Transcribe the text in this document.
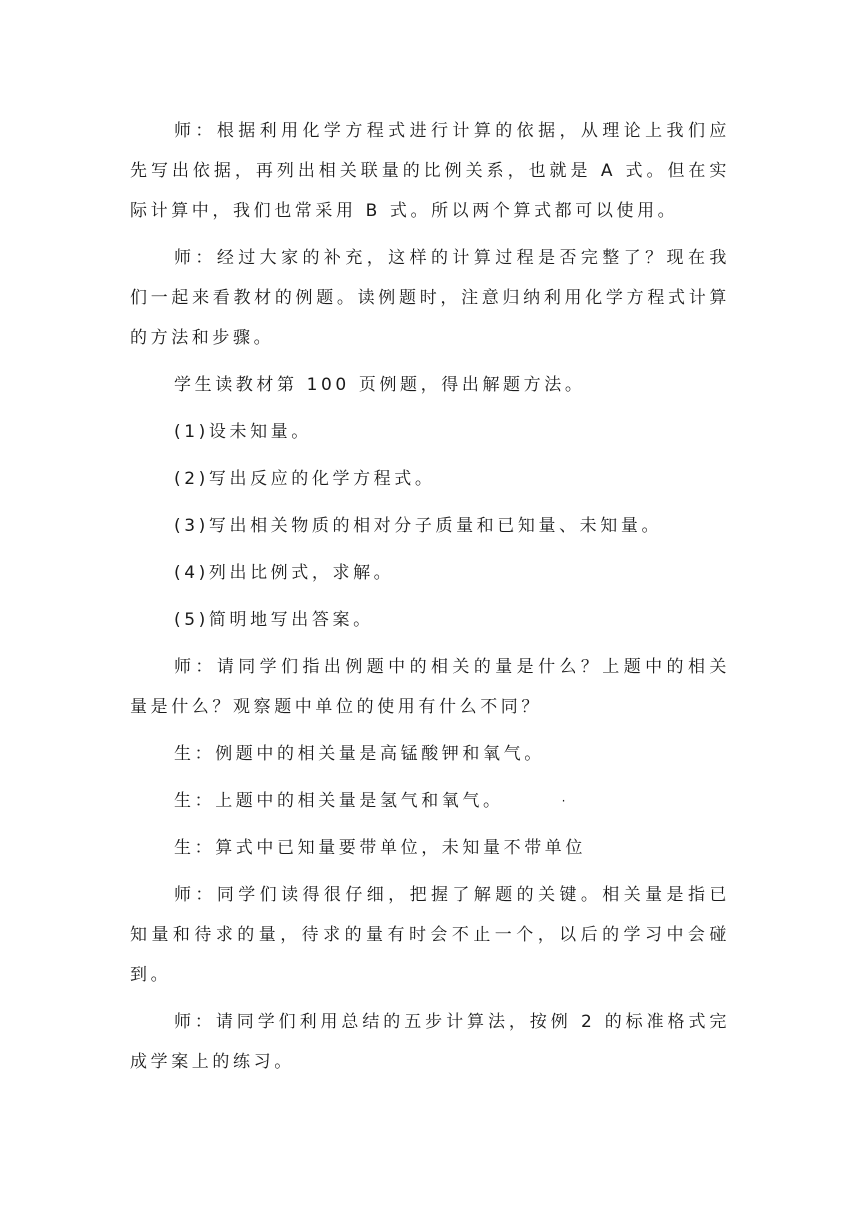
师：根据利用化学方程式进行计算的依据，从理论上我们应先写出依据，再列出相关联量的比例关系，也就是 A 式。但在实际计算中，我们也常采用 B 式。所以两个算式都可以使用。

师：经过大家的补充，这样的计算过程是否完整了？现在我们一起来看教材的例题。读例题时，注意归纳利用化学方程式计算的方法和步骤。

学生读教材第 100 页例题，得出解题方法。

(1)设未知量。

(2)写出反应的化学方程式。

(3)写出相关物质的相对分子质量和已知量、未知量。

(4)列出比例式，求解。

(5)简明地写出答案。

师：请同学们指出例题中的相关的量是什么？上题中的相关量是什么？观察题中单位的使用有什么不同？

生：例题中的相关量是高锰酸钾和氧气。

生：上题中的相关量是氢气和氧气。	·

生：算式中已知量要带单位，未知量不带单位

师：同学们读得很仔细，把握了解题的关键。相关量是指已知量和待求的量，待求的量有时会不止一个，以后的学习中会碰到。

师：请同学们利用总结的五步计算法，按例 2 的标准格式完成学案上的练习。
